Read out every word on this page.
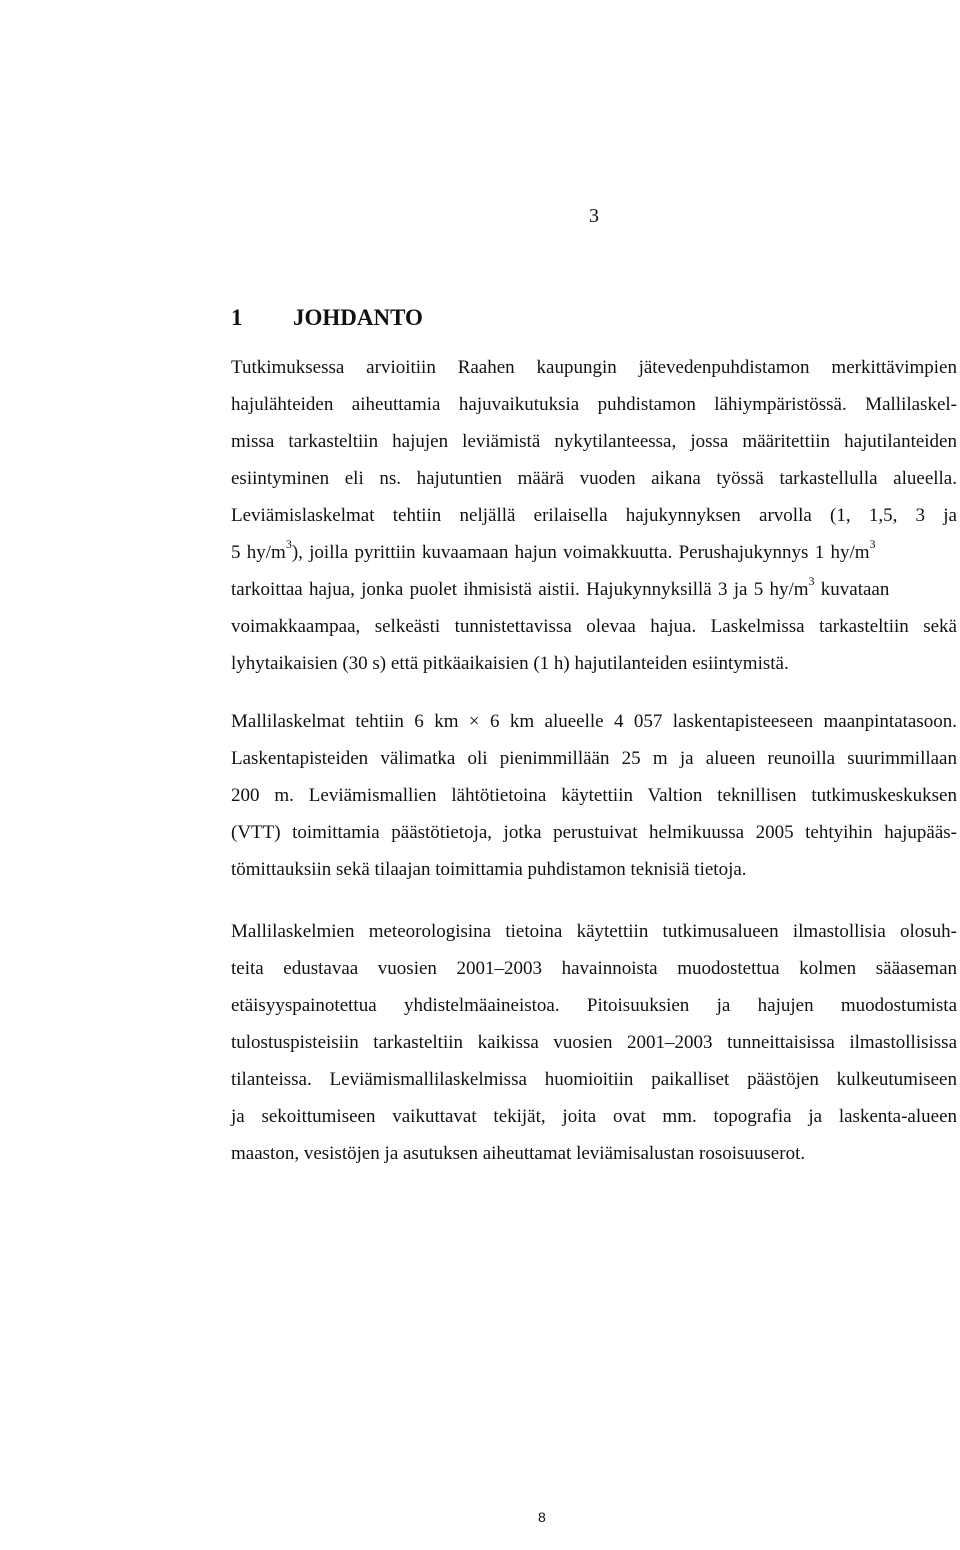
3
1 JOHDANTO
Tutkimuksessa arvioitiin Raahen kaupungin jätevedenpuhdistamon merkittävimpien
hajulähteiden aiheuttamia hajuvaikutuksia puhdistamon lähiympäristössä. Mallilaskel-
missa tarkasteltiin hajujen leviämistä nykytilanteessa, jossa määritettiin hajutilanteiden
esiintyminen eli ns. hajutuntien määrä vuoden aikana työssä tarkastellulla alueella.
Leviämislaskelmat tehtiin neljällä erilaisella hajukynnyksen arvolla (1, 1,5, 3 ja
5 $hy/m^3$), joilla pyrittiin kuvaamaan hajun voimakkuutta. Perushajukynnys 1 $hy/m^3$
tarkoittaa hajua, jonka puolet ihmisistä aistii. Hajukynnyksillä 3 ja 5 $hy/m^3$ kuvataan
voimakkaampaa, selkeästi tunnistettavissa olevaa hajua. Laskelmissa tarkasteltiin sekä
lyhytaikaisien (30 s) että pitkäaikaisien (1 h) hajutilanteiden esiintymistä.
Mallilaskelmat tehtiin 6 km × 6 km alueelle 4 057 laskentapisteeseen maanpintatasoon.
Laskentapisteiden välimatka oli pienimmillään 25 m ja alueen reunoilla suurimmillaan
200 m. Leviämismallien lähtötietoina käytettiin Valtion teknillisen tutkimuskeskuksen
(VTT) toimittamia päästötietoja, jotka perustuivat helmikuussa 2005 tehtyihin hajupääs-
tömittauksiin sekä tilaajan toimittamia puhdistamon teknisiä tietoja.
Mallilaskelmien meteorologisina tietoina käytettiin tutkimusalueen ilmastollisia olosuh-
teita edustavaa vuosien 2001–2003 havainnoista muodostettua kolmen sääaseman
etäisyyspainotettua yhdistelmäaineistoa. Pitoisuuksien ja hajujen muodostumista
tulostuspisteisiin tarkasteltiin kaikissa vuosien 2001–2003 tunneittaisissa ilmastollisissa
tilanteissa. Leviämismallilaskelmissa huomioitiin paikalliset päästöjen kulkeutumiseen
ja sekoittumiseen vaikuttavat tekijät, joita ovat mm. topografia ja laskenta-alueen
maaston, vesistöjen ja asutuksen aiheuttamat leviämisalustan rosoisuuserot.
8
